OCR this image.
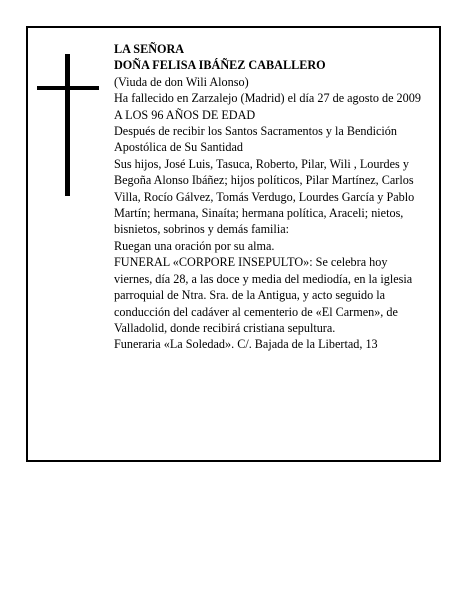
LA SEÑORA

DOÑA FELISA IBÁÑEZ CABALLERO

(Viuda de don Wili Alonso)

Ha fallecido en Zarzalejo (Madrid) el día 27 de agosto de 2009

A LOS 96 AÑOS DE EDAD

Después de recibir los Santos Sacramentos y la Bendición Apostólica de Su Santidad

Sus hijos, José Luis, Tasuca, Roberto, Pilar, Wili , Lourdes y Begoña Alonso Ibáñez; hijos políticos, Pilar Martínez, Carlos Villa, Rocío Gálvez, Tomás Verdugo, Lourdes García y Pablo Martín; hermana, Sinaíta; hermana política, Araceli; nietos, bisnietos, sobrinos y demás familia:

Ruegan una oración por su alma.

FUNERAL «CORPORE INSEPULTO»: Se celebra hoy viernes, día 28, a las doce y media del mediodía, en la iglesia parroquial de Ntra. Sra. de la Antigua, y acto seguido la conducción del cadáver al cementerio de «El Carmen», de Valladolid, donde recibirá cristiana sepultura.

Funeraria «La Soledad». C/. Bajada de la Libertad, 13
